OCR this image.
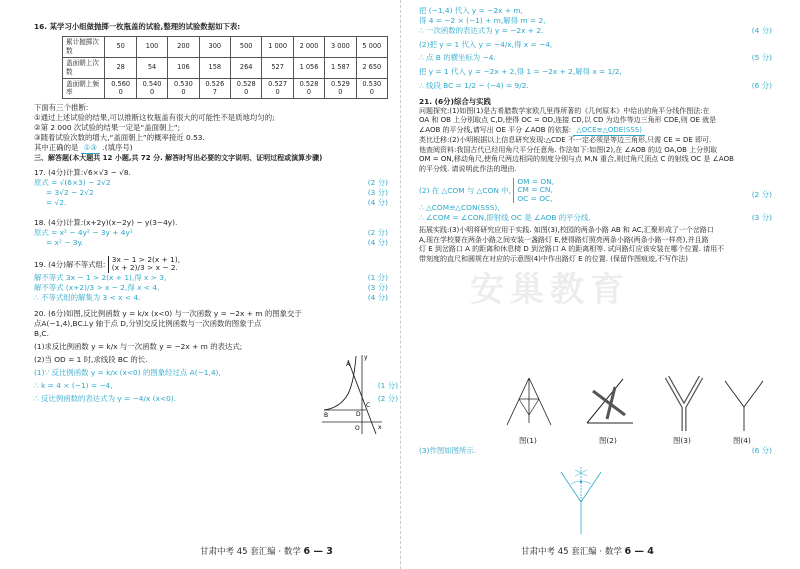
16. 某学习小组做抛掷一枚瓶盖的试验,整理的试验数据如下表:
累计抛掷次数	50	100	200	300	500	1 000	2 000	3 000	5 000
盖面朝上次数	28	54	106	158	264	527	1 056	1 587	2 650
盖面朝上频率	0.560 0	0.540 0	0.530 0	0.526 7	0.528 0	0.527 0	0.528 0	0.529 0	0.530 0
下面有三个推断:
①通过上述试验的结果,可以推断这枚瓶盖有很大的可能性不是质地均匀的;
②第 2 000 次试验的结果一定是“盖面朝上”;
③随着试验次数的增大,“盖面朝上”的概率接近 0.53.
其中正确的是 ①③ .(填序号)
三、解答题(本大题共 12 小题,共 72 分. 解答时写出必要的文字说明、证明过程或演算步骤)
17. (4分)计算:√6×√3 − √8.
原式 = √(6×3) − 2√2	(2 分)
= 3√2 − 2√2	(3 分)
= √2.	(4 分)
18. (4分)计算:(x+2y)(x−2y) − y(3−4y).
原式 = x² − 4y² − 3y + 4y²	(2 分)
= x² − 3y.	(4 分)
19. (4分)解不等式组: 3x − 1 > 2(x + 1),
(x + 2)/3 > x − 2.
解不等式 3x − 1 > 2(x + 1),得 x > 3,	(1 分)
解不等式 (x+2)/3 > x − 2,得 x < 4,	(3 分)
∴ 不等式组的解集为 3 < x < 4.	(4 分)
20. (6分)如图,反比例函数 y = k/x (x<0) 与一次函数 y = −2x + m 的图象交于
点A(−1,4),BC⊥y 轴于点 D,分别交反比例函数与一次函数的图象于点
B,C.
(1)求反比例函数 y = k/x 与一次函数 y = −2x + m 的表达式;
(2)当 OD = 1 时,求线段 BC 的长.
(1)∵ 反比例函数 y = k/x (x<0) 的图象经过点 A(−1,4),
∴ k = 4 × (−1) = −4,	(1 分)
∴ 反比例函数的表达式为 y = −4/x (x<0).	(2 分)
y
x
A
B
C
D
O
甘肃中考 45 套汇编 · 数学 6 — 3
把 (−1,4) 代入 y = −2x + m,
得 4 = −2 × (−1) + m,解得 m = 2,
∴ 一次函数的表达式为 y = −2x + 2.	(4 分)
(2)把 y = 1 代入 y = −4/x,得 x = −4,
∴ 点 B 的横坐标为 −4.	(5 分)
把 y = 1 代入 y = −2x + 2,得 1 = −2x + 2,解得 x = 1/2,
∴ 线段 BC = 1/2 − (−4) = 9/2.	(6 分)
21. (6分)综合与实践
问题探究:(1)如图(1)是古希腊数学家欧几里得所著的《几何原本》中给出的角平分线作图法:在
OA 和 OB 上分别取点 C,D,使得 OC = OD,连接 CD,以 CD 为边作等边三角形 CDE,则 OE 就是
∠AOB 的平分线,请写出 OE 平分 ∠AOB 的依据: △OCE≌△ODE(SSS)
类比迁移:(2)小明根据以上信息研究发现:△CDE 不一定必须是等边三角形,只需 CE = DE 即可.
他查阅资料:我国古代已经用角尺平分任意角. 作法如下:如图(2),在 ∠AOB 的边 OA,OB 上分别取
OM = ON,移动角尺,使角尺两边相同的刻度分别与点 M,N 重合,则过角尺顶点 C 的射线 OC 是 ∠AOB
的平分线. 请说明此作法的理由.
(2) 在 △COM 与 △CON 中, OM = ON,
CM = CN,
OC = OC,	(2 分)
∴ △COM≌△CON(SSS),
∴ ∠COM = ∠CON,即射线 OC 是 ∠AOB 的平分线.	(3 分)
拓展实践:(3)小明将研究应用于实践. 如图(3),校园的两条小路 AB 和 AC,汇聚形成了一个岔路口
A,现在学校要在两条小路之间安装一盏路灯 E,使得路灯照亮两条小路(两条小路一样亮),并且路
灯 E 到岔路口 A 的距离和休息椅 D 到岔路口 A 的距离相等. 试问路灯应该安装在哪个位置. 请用不
带刻度的直尺和圆规在对应的示意图(4)中作出路灯 E 的位置. (保留作图痕迹,不写作法)
图(1)	图(2)	图(3)	图(4)
(3)作图如图所示.	(6 分)
甘肃中考 45 套汇编 · 数学 6 — 4
安巢教育
